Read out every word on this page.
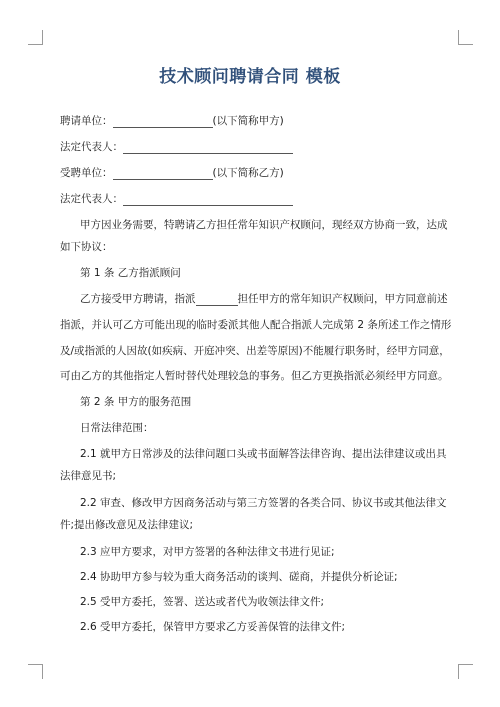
技术顾问聘请合同 模板
聘请单位：	(以下简称甲方)
法定代表人：
受聘单位：	(以下简称乙方)
法定代表人：
甲方因业务需要，特聘请乙方担任常年知识产权顾问，现经双方协商一致，达成
如下协议：
第 1 条 乙方指派顾问
乙方接受甲方聘请，指派	担任甲方的常年知识产权顾问，甲方同意前述
指派，并认可乙方可能出现的临时委派其他人配合指派人完成第 2 条所述工作之情形
及/或指派的人因故(如疾病、开庭冲突、出差等原因)不能履行职务时，经甲方同意，
可由乙方的其他指定人暂时替代处理较急的事务。但乙方更换指派必须经甲方同意。
第 2 条 甲方的服务范围
日常法律范围：
2.1 就甲方日常涉及的法律问题口头或书面解答法律咨询、提出法律建议或出具
法律意见书;
2.2 审查、修改甲方因商务活动与第三方签署的各类合同、协议书或其他法律文
件;提出修改意见及法律建议;
2.3 应甲方要求，对甲方签署的各种法律文书进行见证;
2.4 协助甲方参与较为重大商务活动的谈判、磋商，并提供分析论证;
2.5 受甲方委托，签署、送达或者代为收领法律文件;
2.6 受甲方委托，保管甲方要求乙方妥善保管的法律文件;
